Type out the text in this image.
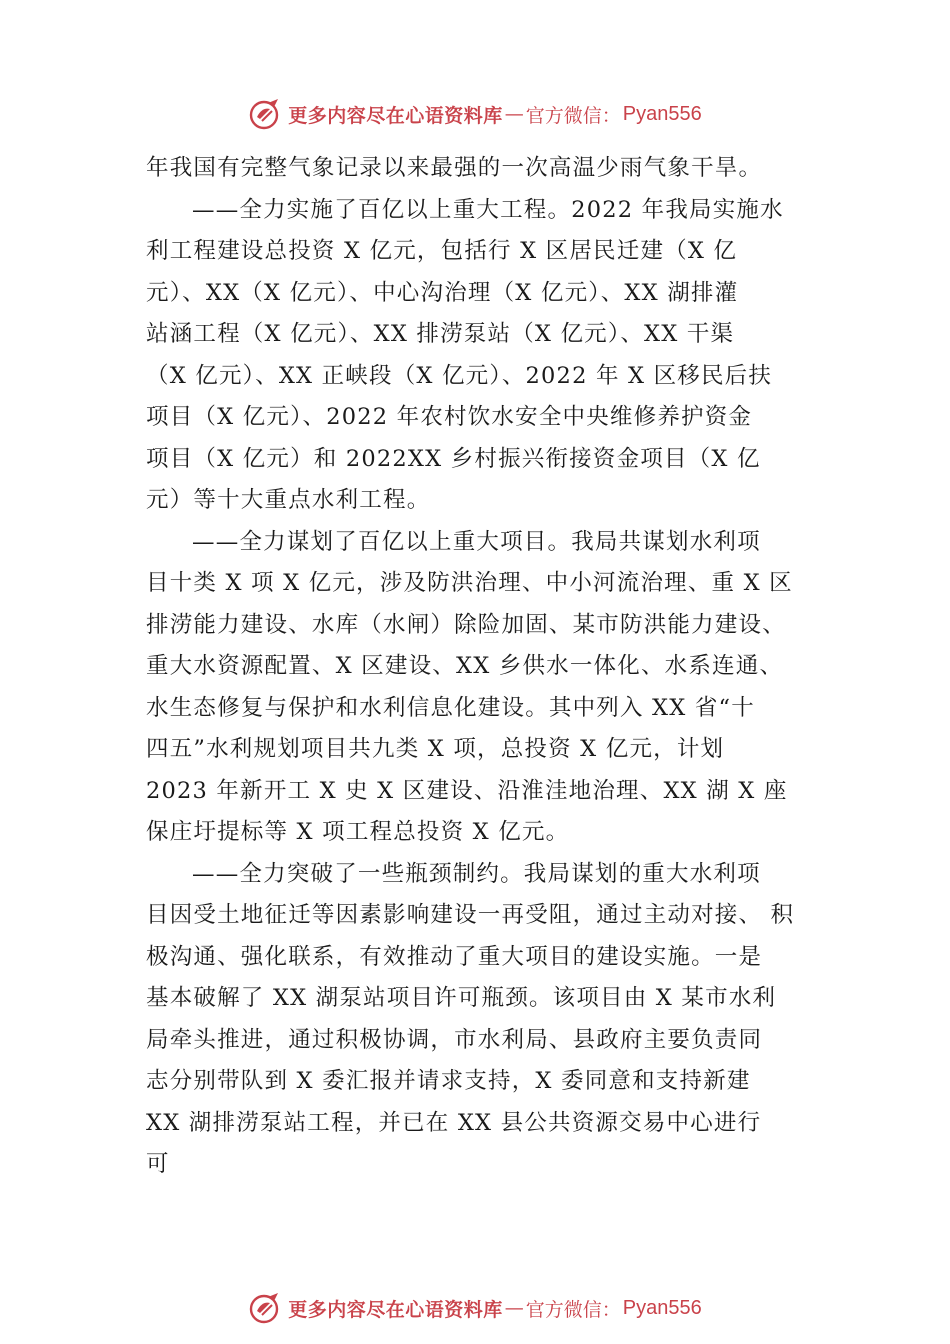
更多内容尽在心语资料库 — 官方微信： Pyan556
年我国有完整气象记录以来最强的一次高温少雨气象干旱。
——全力实施了百亿以上重大工程。2022 年我局实施水
利工程建设总投资 X 亿元，包括行 X 区居民迁建（X 亿
元）、XX（X 亿元）、中心沟治理（X 亿元）、XX 湖排灌
站涵工程（X 亿元）、XX 排涝泵站（X 亿元）、XX 干渠
（X 亿元）、XX 正峡段（X 亿元）、2022 年 X 区移民后扶
项目（X 亿元）、2022 年农村饮水安全中央维修养护资金
项目（X 亿元）和 2022XX 乡村振兴衔接资金项目（X 亿
元）等十大重点水利工程。
——全力谋划了百亿以上重大项目。我局共谋划水利项
目十类 X 项 X 亿元，涉及防洪治理、中小河流治理、重 X 区
排涝能力建设、水库（水闸）除险加固、某市防洪能力建设、
重大水资源配置、X 区建设、XX 乡供水一体化、水系连通、
水生态修复与保护和水利信息化建设。其中列入 XX 省“十
四五”水利规划项目共九类 X 项，总投资 X 亿元，计划
2023 年新开工 X 史 X 区建设、沿淮洼地治理、XX 湖 X 座
保庄圩提标等 X 项工程总投资 X 亿元。
——全力突破了一些瓶颈制约。我局谋划的重大水利项
目因受土地征迁等因素影响建设一再受阻，通过主动对接、 积
极沟通、强化联系，有效推动了重大项目的建设实施。一是
基本破解了 XX 湖泵站项目许可瓶颈。该项目由 X 某市水利
局牵头推进，通过积极协调，市水利局、县政府主要负责同
志分别带队到 X 委汇报并请求支持，X 委同意和支持新建
XX 湖排涝泵站工程，并已在 XX 县公共资源交易中心进行
可
更多内容尽在心语资料库 — 官方微信： Pyan556
